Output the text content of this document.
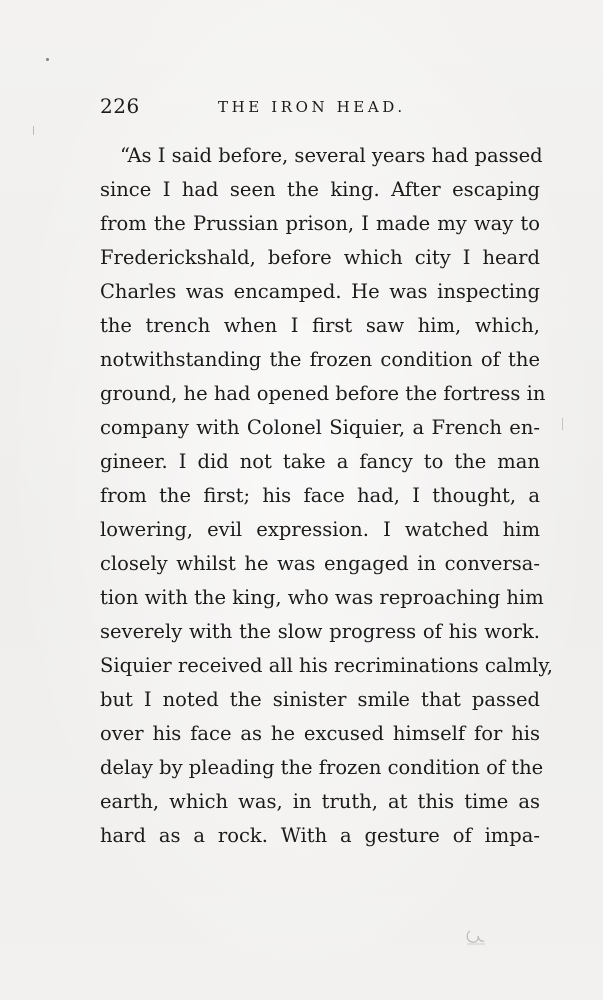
226	THE IRON HEAD.
“As I said before, several years had passed
since I had seen the king. After escaping
from the Prussian prison, I made my way to
Frederickshald, before which city I heard
Charles was encamped. He was inspecting
the trench when I first saw him, which,
notwithstanding the frozen condition of the
ground, he had opened before the fortress in
company with Colonel Siquier, a French en-
gineer. I did not take a fancy to the man
from the first; his face had, I thought, a
lowering, evil expression. I watched him
closely whilst he was engaged in conversa-
tion with the king, who was reproaching him
severely with the slow progress of his work.
Siquier received all his recriminations calmly,
but I noted the sinister smile that passed
over his face as he excused himself for his
delay by pleading the frozen condition of the
earth, which was, in truth, at this time as
hard as a rock. With a gesture of impa-
